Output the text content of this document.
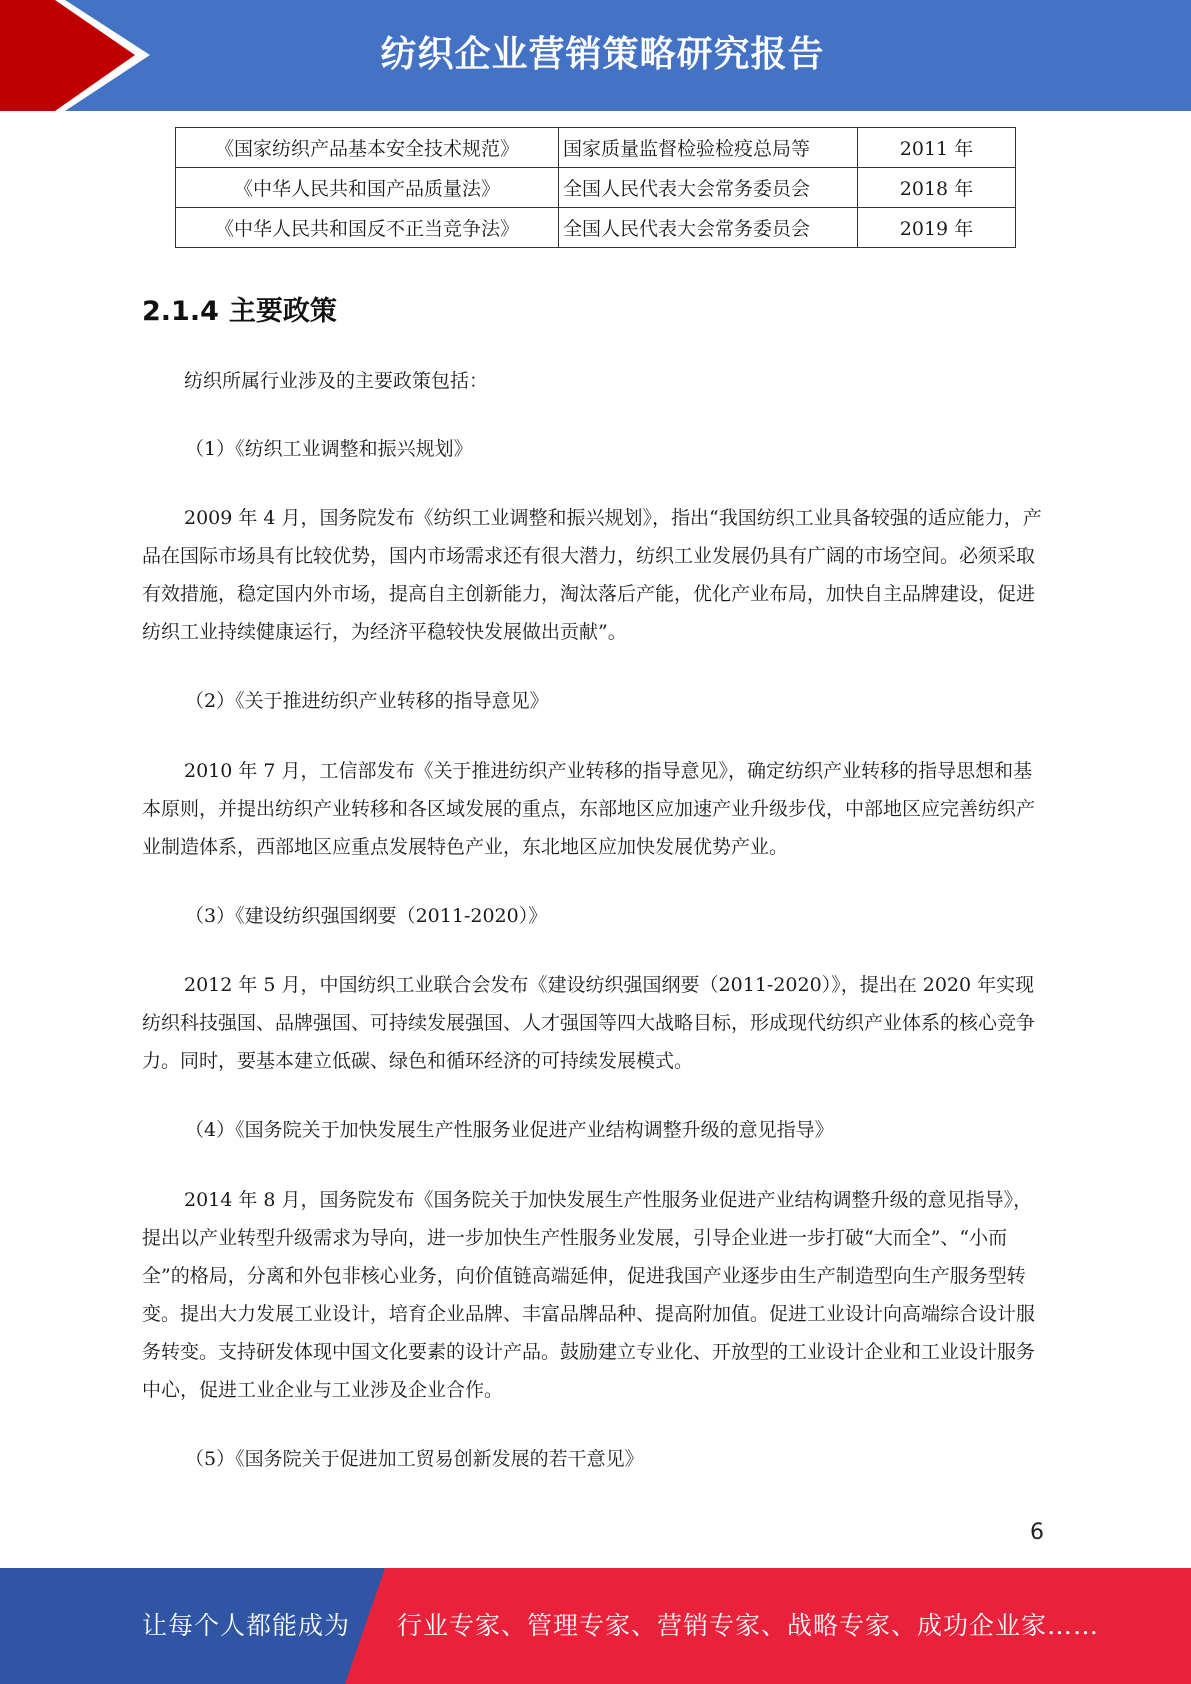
纺织企业营销策略研究报告
《国家纺织产品基本安全技术规范》	国家质量监督检验检疫总局等	2011 年
《中华人民共和国产品质量法》	全国人民代表大会常务委员会	2018 年
《中华人民共和国反不正当竞争法》	全国人民代表大会常务委员会	2019 年
2.1.4 主要政策

纺织所属行业涉及的主要政策包括：

（1）《纺织工业调整和振兴规划》

2009 年 4 月，国务院发布《纺织工业调整和振兴规划》，指出“我国纺织工业具备较强的适应能力，产品在国际市场具有比较优势，国内市场需求还有很大潜力，纺织工业发展仍具有广阔的市场空间。必须采取有效措施，稳定国内外市场，提高自主创新能力，淘汰落后产能，优化产业布局，加快自主品牌建设，促进纺织工业持续健康运行，为经济平稳较快发展做出贡献”。

（2）《关于推进纺织产业转移的指导意见》

2010 年 7 月，工信部发布《关于推进纺织产业转移的指导意见》，确定纺织产业转移的指导思想和基本原则，并提出纺织产业转移和各区域发展的重点，东部地区应加速产业升级步伐，中部地区应完善纺织产业制造体系，西部地区应重点发展特色产业，东北地区应加快发展优势产业。

（3）《建设纺织强国纲要（2011-2020）》

2012 年 5 月，中国纺织工业联合会发布《建设纺织强国纲要（2011-2020）》，提出在 2020 年实现纺织科技强国、品牌强国、可持续发展强国、人才强国等四大战略目标，形成现代纺织产业体系的核心竞争力。同时，要基本建立低碳、绿色和循环经济的可持续发展模式。

（4）《国务院关于加快发展生产性服务业促进产业结构调整升级的意见指导》

2014 年 8 月，国务院发布《国务院关于加快发展生产性服务业促进产业结构调整升级的意见指导》，提出以产业转型升级需求为导向，进一步加快生产性服务业发展，引导企业进一步打破“大而全”、“小而全”的格局，分离和外包非核心业务，向价值链高端延伸，促进我国产业逐步由生产制造型向生产服务型转变。提出大力发展工业设计，培育企业品牌、丰富品牌品种、提高附加值。促进工业设计向高端综合设计服务转变。支持研发体现中国文化要素的设计产品。鼓励建立专业化、开放型的工业设计企业和工业设计服务中心，促进工业企业与工业涉及企业合作。

（5）《国务院关于促进加工贸易创新发展的若干意见》

6
让每个人都能成为 行业专家、管理专家、营销专家、战略专家、成功企业家……
